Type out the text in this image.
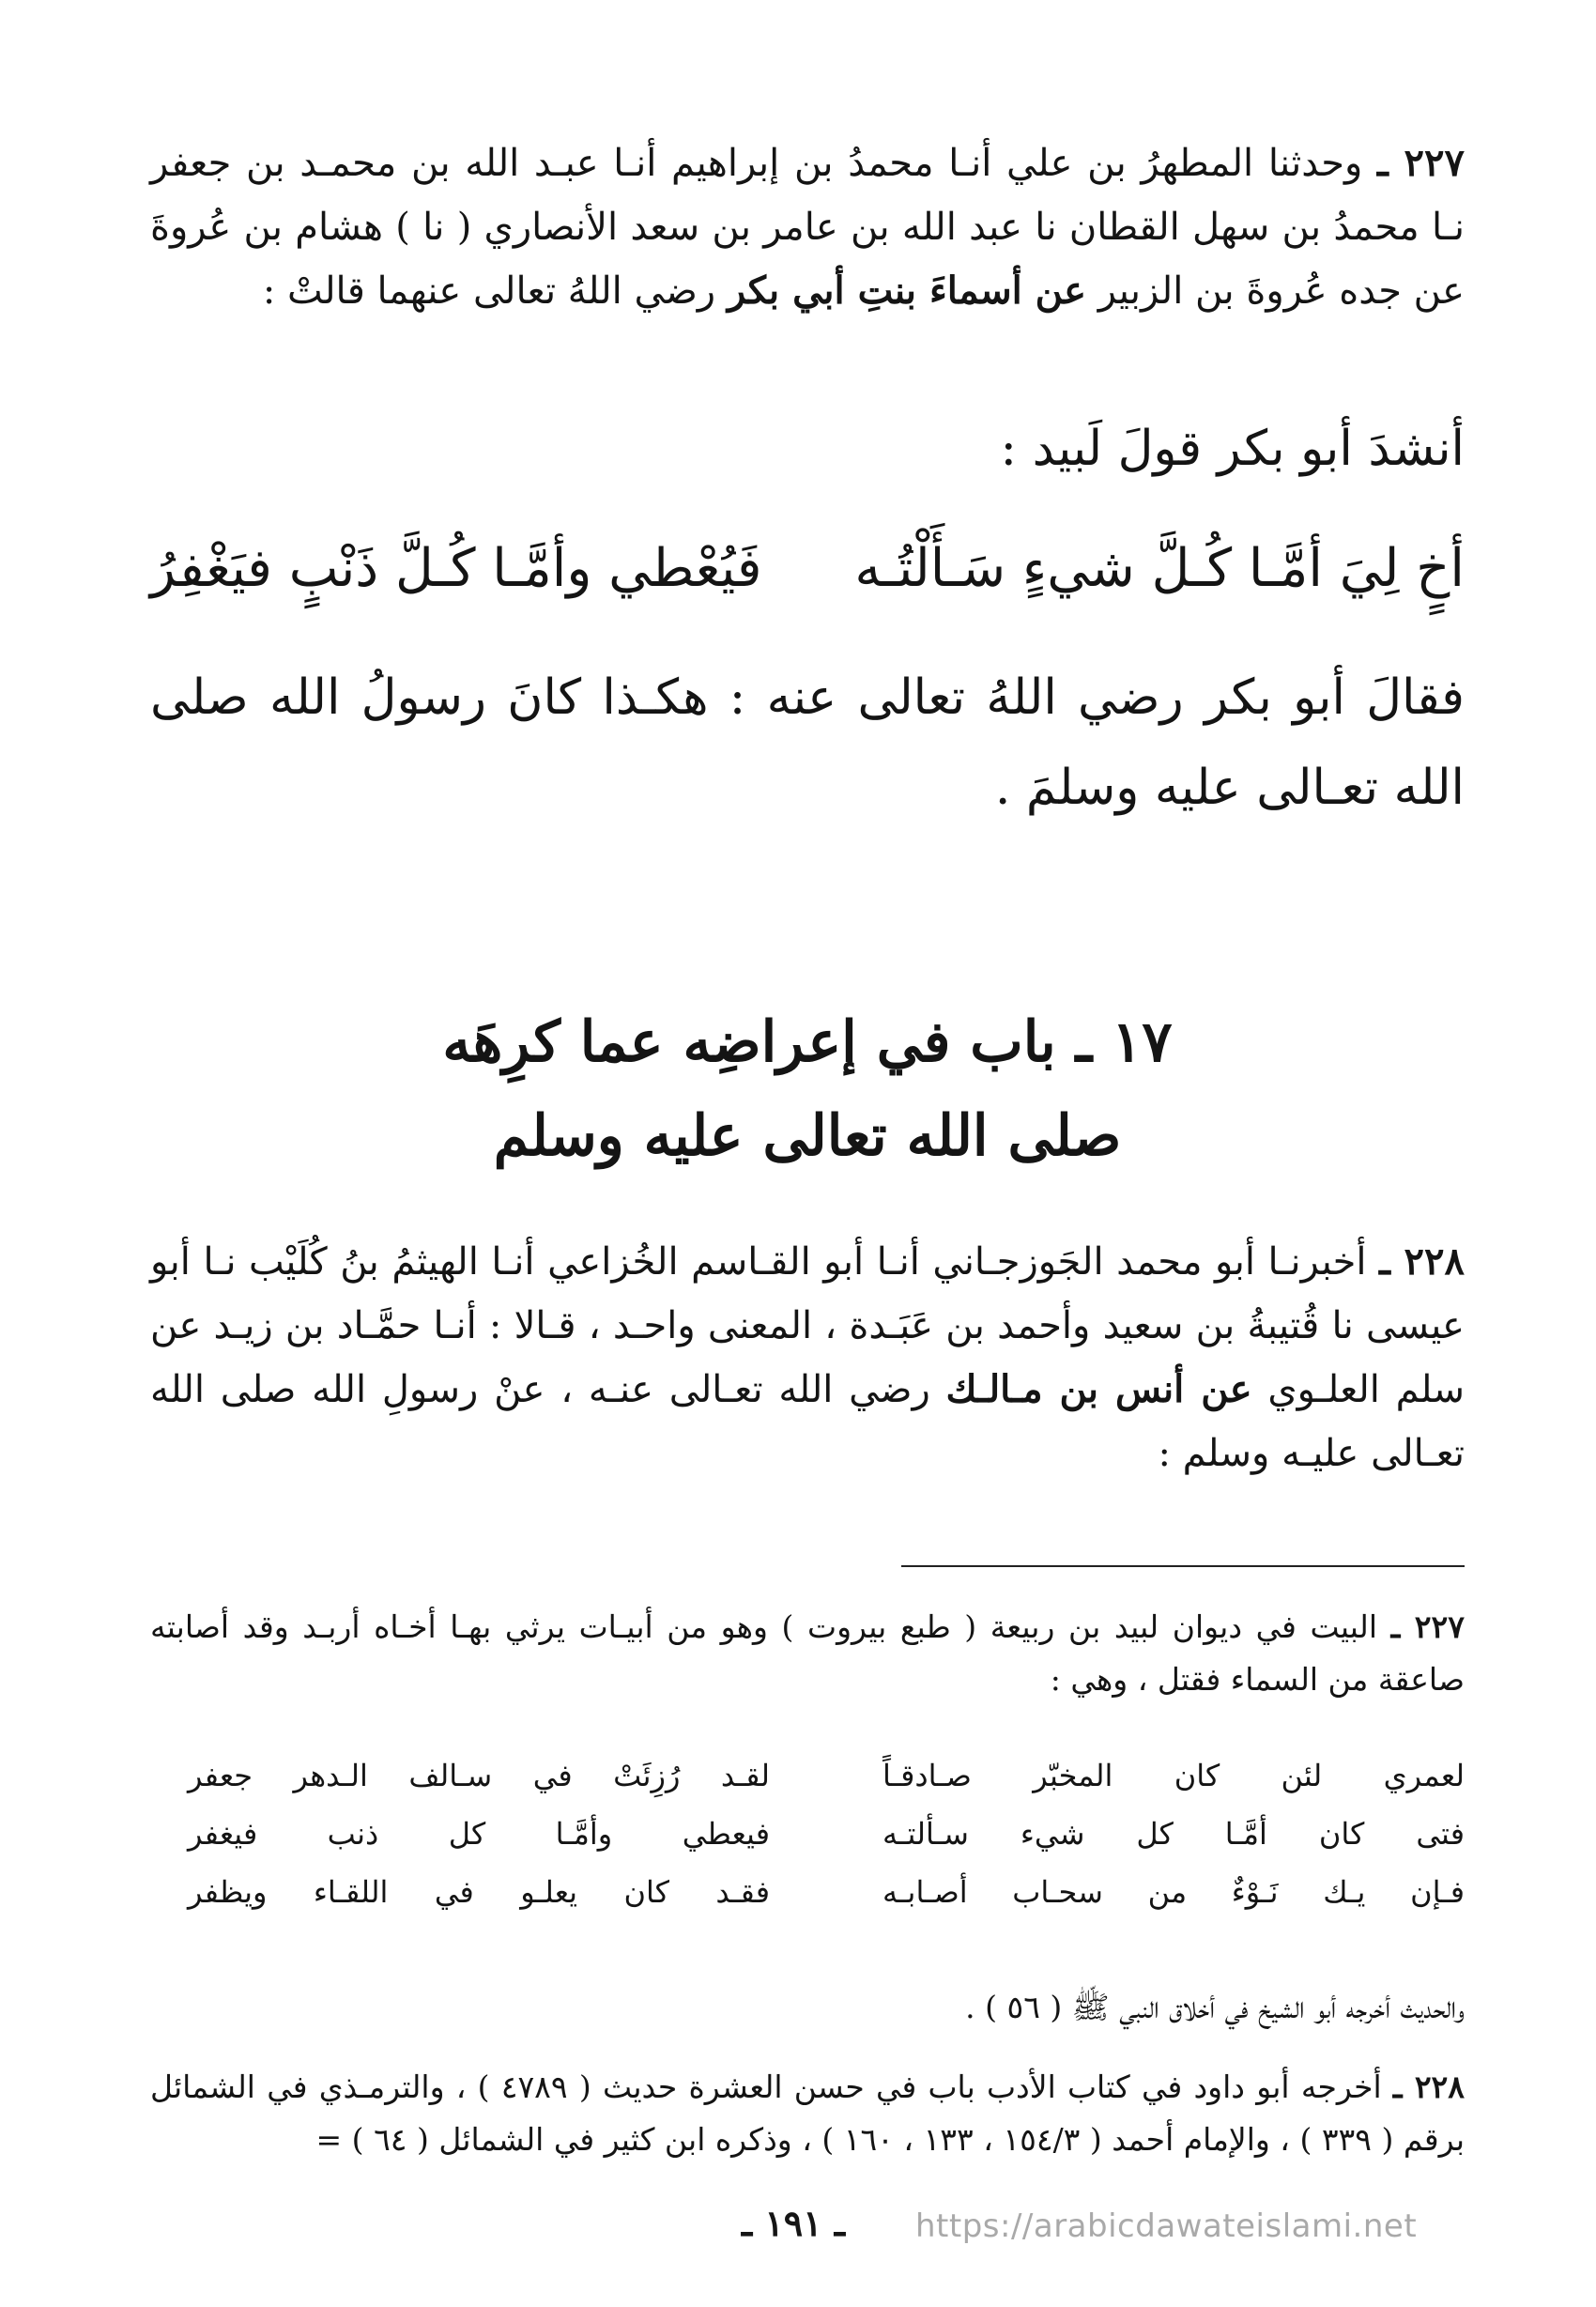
٢٢٧ ـ وحدثنا المطهرُ بن علي أنـا محمدُ بن إبراهيم أنـا عبـد الله بن محمـد بن جعفر نـا محمدُ بن سهل القطان نا عبد الله بن عامر بن سعد الأنصاري ( نا ) هشام بن عُروةَ عن جده عُروةَ بن الزبير عن أسماءَ بنتِ أبي بكر رضي اللهُ تعالى عنهما قالتْ :

أنشدَ أبو بكر قولَ لَبيد :

أخٍ لِيَ أمَّـا كُـلَّ شيءٍ سَـأَلْتُـه
فَيُعْطي وأمَّـا كُـلَّ ذَنْبٍ فيَغْفِرُ

فقالَ أبو بكر رضي اللهُ تعالى عنه : هكـذا كانَ رسولُ الله صلى الله تعـالى عليه وسلمَ .

١٧ ـ باب في إعراضِه عما كرِهَه
صلى الله تعالى عليه وسلم

٢٢٨ ـ أخبرنـا أبو محمد الجَوزجـاني أنـا أبو القـاسم الخُزاعي أنـا الهيثمُ بنُ كُلَيْب نـا أبو عيسى نا قُتيبةُ بن سعيد وأحمد بن عَبَـدة ، المعنى واحـد ، قـالا : أنـا حمَّـاد بن زيـد عن سلم العلـوي عن أنس بن مـالـك رضي الله تعـالى عنـه ، عنْ رسولِ الله صلى الله تعـالى عليـه وسلم :

٢٢٧ ـ البيت في ديوان لبيد بن ربيعة ( طبع بيروت ) وهو من أبيـات يرثي بهـا أخـاه أربـد وقد أصابته صاعقة من السماء فقتل ، وهي :

لعمري لئن كان المخبّر صـادقـاً
لقـد رُزِئَتْ في سـالف الـدهر جعفر
فتى كان أمَّـا كل شيء سـألتـه
فيعطي وأمَّـا كل ذنب فيغفر
فـإن يـك نَـوْءٌ من سحـاب أصـابـه
فقـد كان يعلـو في اللقـاء ويظفر

والحديث أخرجه أبو الشيخ في أخلاق النبي ﷺ ( ٥٦ ) .

٢٢٨ ـ أخرجه أبو داود في كتاب الأدب باب في حسن العشرة حديث ( ٤٧٨٩ ) ، والترمـذي في الشمائل برقم ( ٣٣٩ ) ، والإمام أحمد ( ١٥٤/٣ ، ١٣٣ ، ١٦٠ ) ، وذكره ابن كثير في الشمائل ( ٦٤ ) =

ـ ١٩١ ـ https://arabicdawateislami.net
